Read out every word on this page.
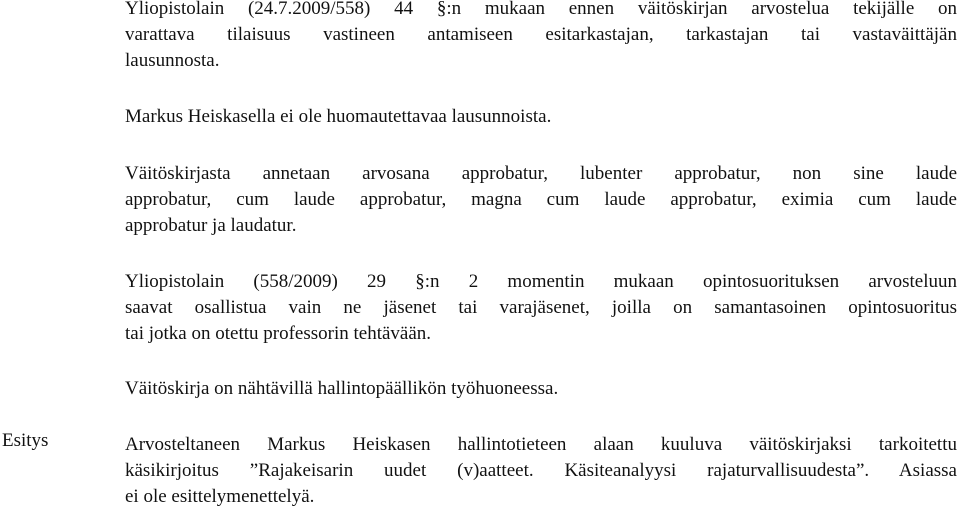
Yliopistolain (24.7.2009/558) 44 §:n mukaan ennen väitöskirjan arvostelua tekijälle on
varattava tilaisuus vastineen antamiseen esitarkastajan, tarkastajan tai vastaväittäjän
lausunnosta.

Markus Heiskasella ei ole huomautettavaa lausunnoista.

Väitöskirjasta annetaan arvosana approbatur, lubenter approbatur, non sine laude
approbatur, cum laude approbatur, magna cum laude approbatur, eximia cum laude
approbatur ja laudatur.

Yliopistolain (558/2009) 29 §:n 2 momentin mukaan opintosuorituksen arvosteluun
saavat osallistua vain ne jäsenet tai varajäsenet, joilla on samantasoinen opintosuoritus
tai jotka on otettu professorin tehtävään.

Väitöskirja on nähtävillä hallintopäällikön työhuoneessa.

Arvosteltaneen Markus Heiskasen hallintotieteen alaan kuuluva väitöskirjaksi tarkoitettu
käsikirjoitus ”Rajakeisarin uudet (v)aatteet. Käsiteanalyysi rajaturvallisuudesta”. Asiassa
ei ole esittelymenettelyä.

Esitys
